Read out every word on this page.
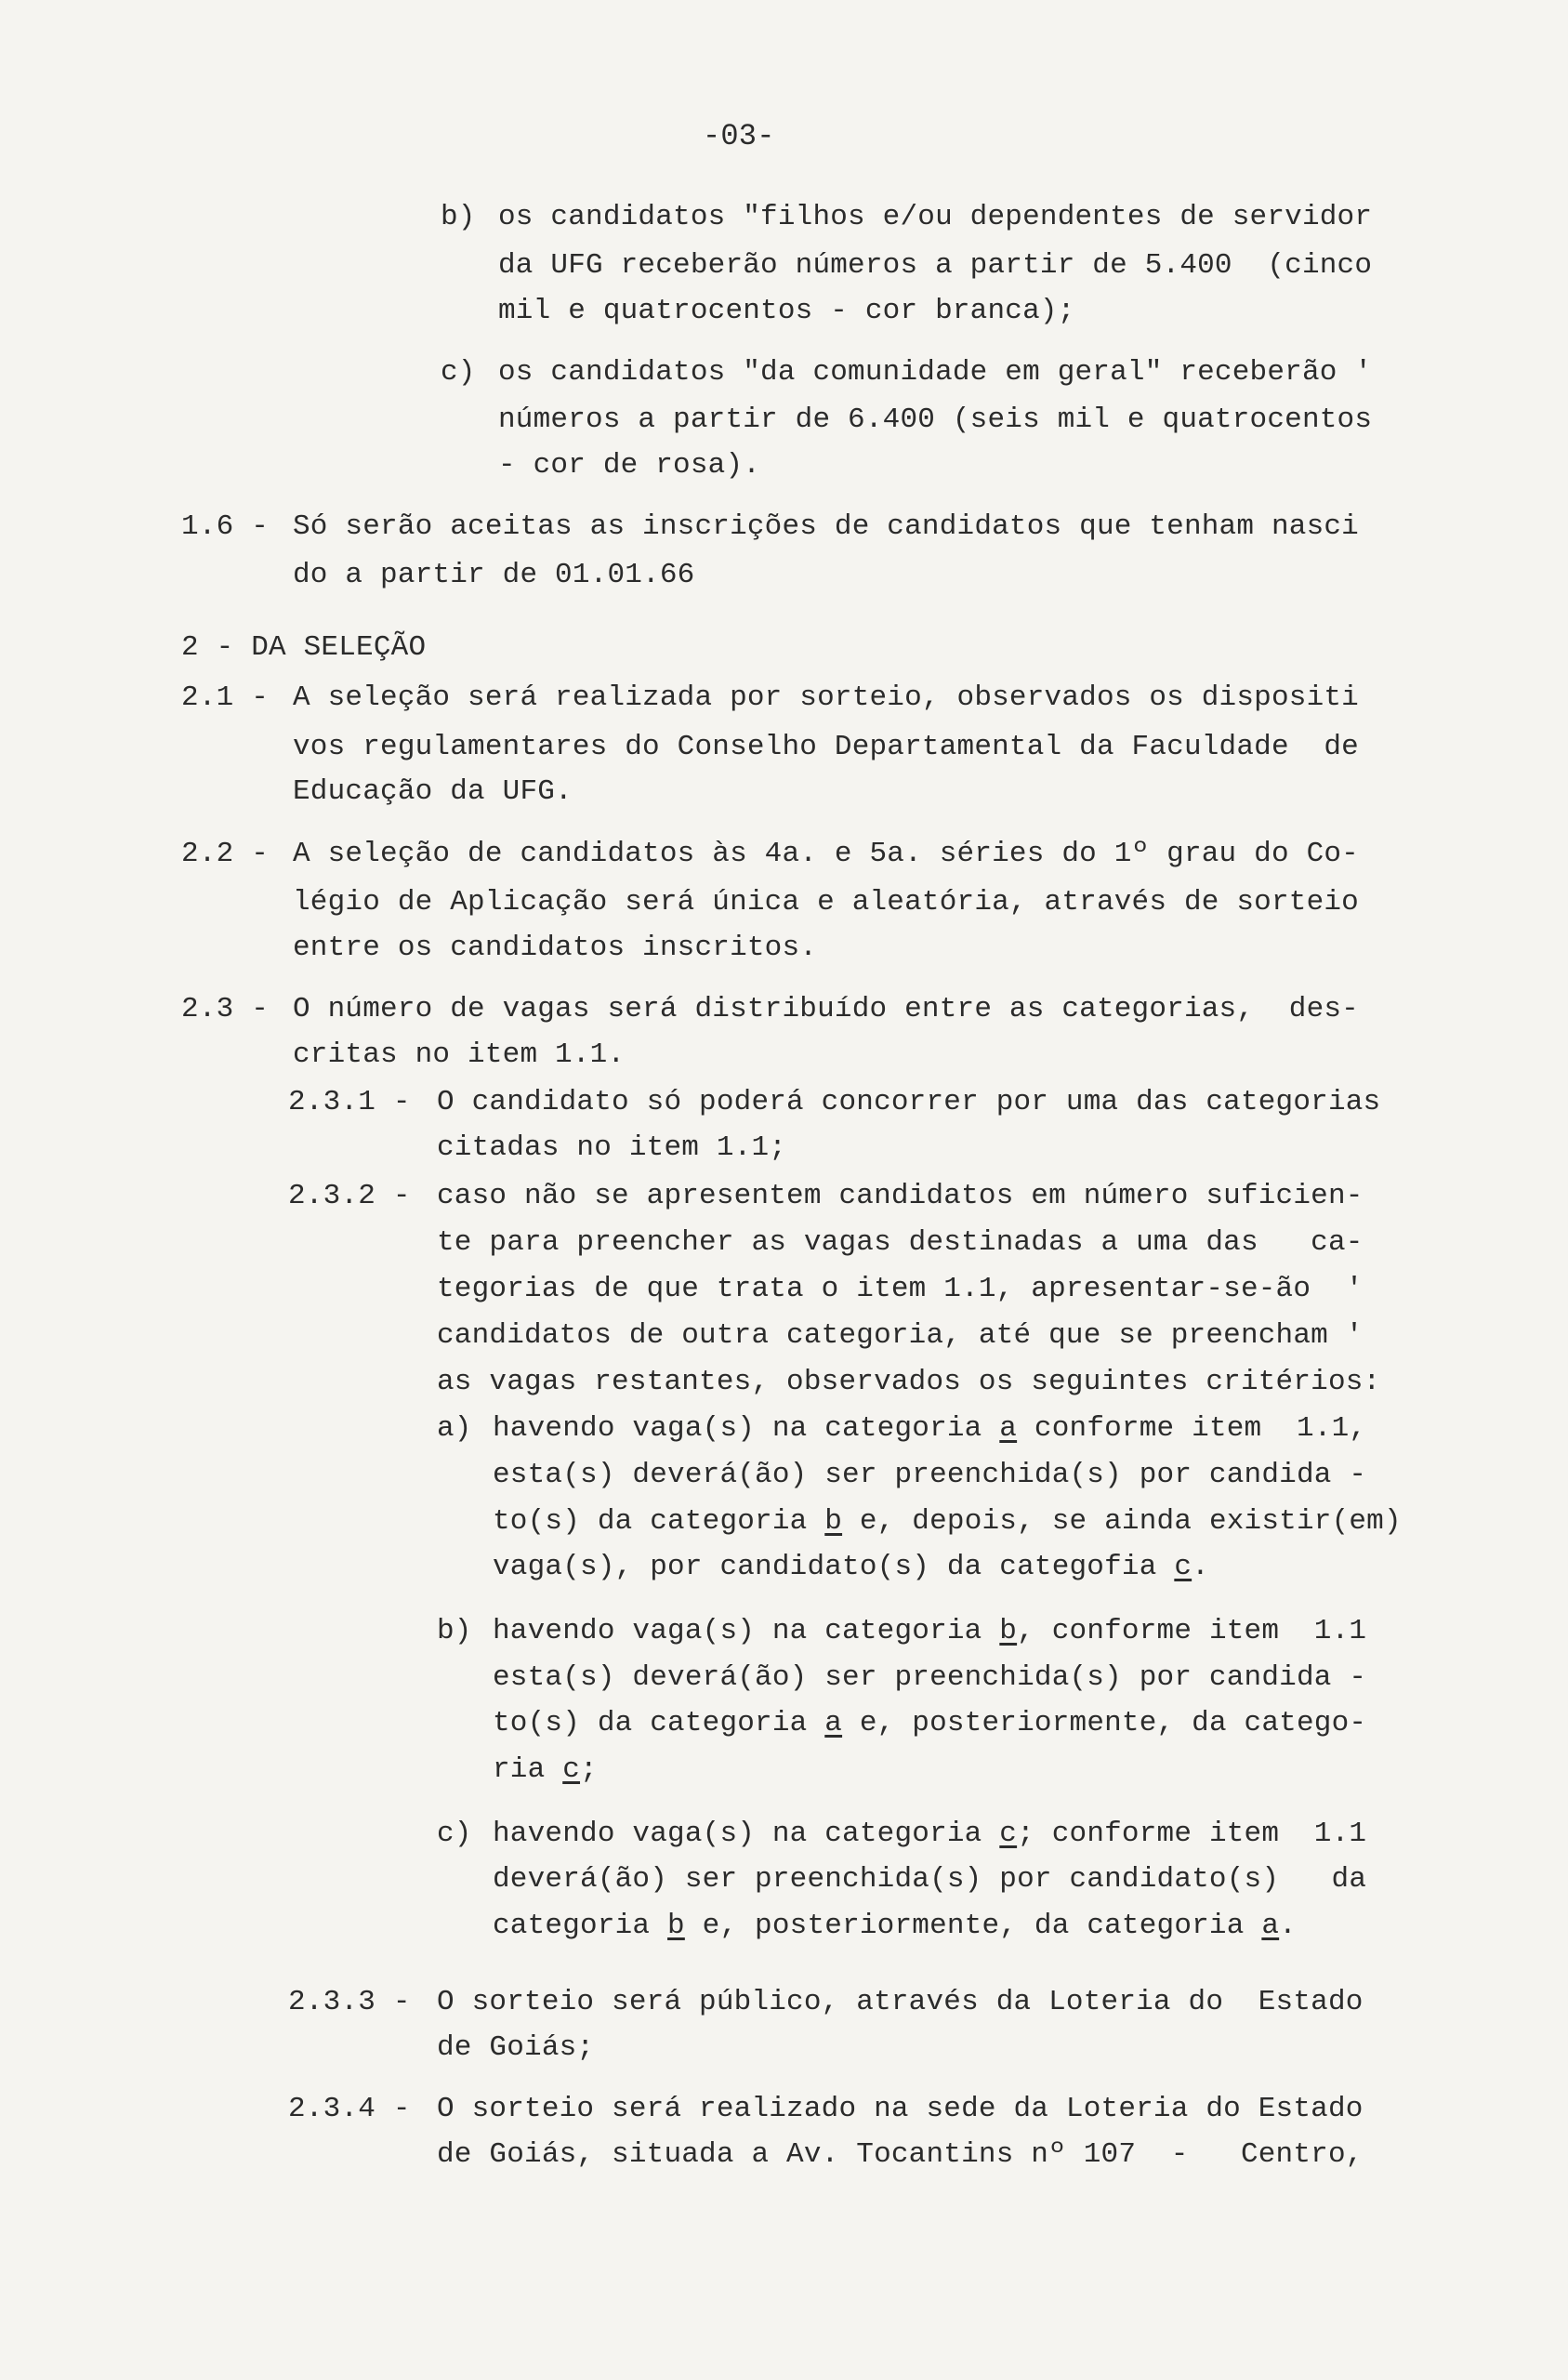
-03-
b) os candidatos "filhos e/ou dependentes de servidor
da UFG receberão números a partir de 5.400  (cinco
mil e quatrocentos - cor branca);
c) os candidatos "da comunidade em geral" receberão '
números a partir de 6.400 (seis mil e quatrocentos
- cor de rosa).
1.6 - Só serão aceitas as inscrições de candidatos que tenham nasci
do a partir de 01.01.66
2 - DA SELEÇÃO
2.1 - A seleção será realizada por sorteio, observados os dispositi
vos regulamentares do Conselho Departamental da Faculdade  de
Educação da UFG.
2.2 - A seleção de candidatos às 4a. e 5a. séries do 1º grau do Co-
légio de Aplicação será única e aleatória, através de sorteio
entre os candidatos inscritos.
2.3 - O número de vagas será distribuído entre as categorias,  des-
critas no item 1.1.
2.3.1 - O candidato só poderá concorrer por uma das categorias
citadas no item 1.1;
2.3.2 - caso não se apresentem candidatos em número suficien-
te para preencher as vagas destinadas a uma das   ca-
tegorias de que trata o item 1.1, apresentar-se-ão  '
candidatos de outra categoria, até que se preencham '
as vagas restantes, observados os seguintes critérios:
a) havendo vaga(s) na categoria a conforme item  1.1,
esta(s) deverá(ão) ser preenchida(s) por candida -
to(s) da categoria b e, depois, se ainda existir(em)
vaga(s), por candidato(s) da categofia c.
b) havendo vaga(s) na categoria b, conforme item  1.1
esta(s) deverá(ão) ser preenchida(s) por candida -
to(s) da categoria a e, posteriormente, da catego-
ria c;
c) havendo vaga(s) na categoria c; conforme item  1.1
deverá(ão) ser preenchida(s) por candidato(s)   da
categoria b e, posteriormente, da categoria a.
2.3.3 - O sorteio será público, através da Loteria do  Estado
de Goiás;
2.3.4 - O sorteio será realizado na sede da Loteria do Estado
de Goiás, situada a Av. Tocantins nº 107  -   Centro,
